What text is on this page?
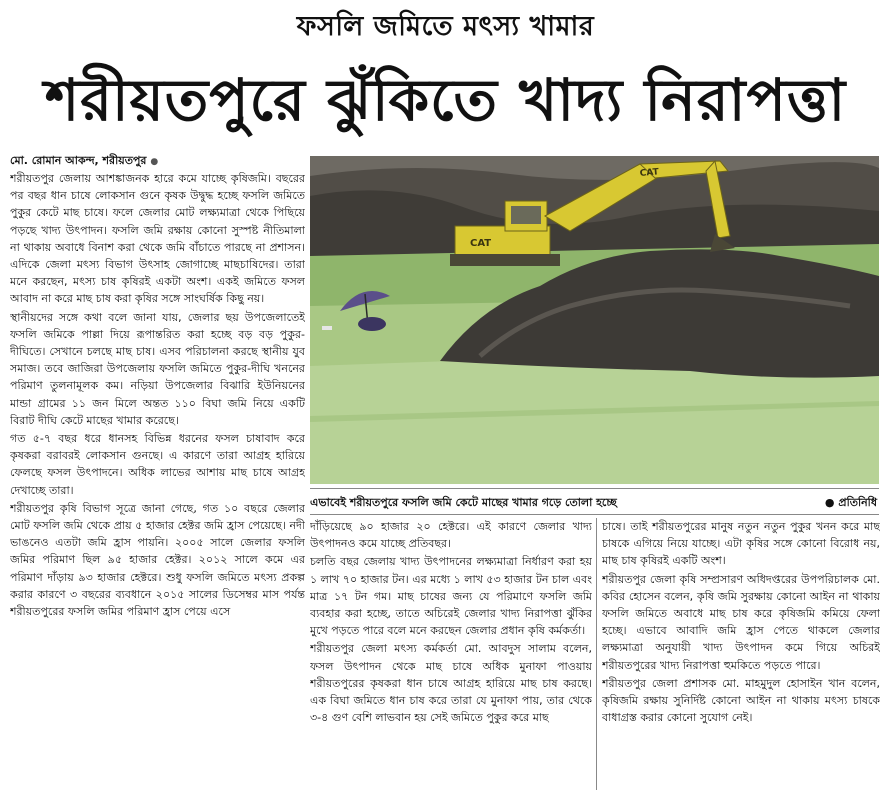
ফসলি জমিতে মৎস্য খামার
শরীয়তপুরে ঝুঁকিতে খাদ্য নিরাপত্তা
মো. রোমান আকন্দ, শরীয়তপুর ●

শরীয়তপুর জেলায় আশঙ্কাজনক হারে কমে যাচ্ছে কৃষিজমি। বছরের পর বছর ধান চাষে লোকসান গুনে কৃষক উদ্বুদ্ধ হচ্ছে ফসলি জমিতে পুকুর কেটে মাছ চাষে। ফলে জেলার মোট লক্ষ্যমাত্রা থেকে পিছিয়ে পড়ছে খাদ্য উৎপাদন। ফসলি জমি রক্ষায় কোনো সুস্পষ্ট নীতিমালা না থাকায় অবাধে বিনাশ করা থেকে জমি বাঁচাতে পারছে না প্রশাসন। এদিকে জেলা মৎস্য বিভাগ উৎসাহ জোগাচ্ছে মাছচাষিদের। তারা মনে করছেন, মৎস্য চাষ কৃষিরই একটা অংশ। একই জমিতে ফসল আবাদ না করে মাছ চাষ করা কৃষির সঙ্গে সাংঘর্ষিক কিছু নয়।

স্থানীয়দের সঙ্গে কথা বলে জানা যায়, জেলার ছয় উপজেলাতেই ফসলি জমিকে পাল্লা দিয়ে রূপান্তরিত করা হচ্ছে বড় বড় পুকুর-দীঘিতে। সেখানে চলছে মাছ চাষ। এসব পরিচালনা করছে স্থানীয় যুব সমাজ। তবে জাজিরা উপজেলায় ফসলি জমিতে পুকুর-দীঘি খননের পরিমাণ তুলনামূলক কম। নড়িয়া উপজেলার বিঝারি ইউনিয়নের মান্ডা গ্রামের ১১ জন মিলে অন্তত ১১০ বিঘা জমি নিয়ে একটি বিরাট দীঘি কেটে মাছের খামার করেছে।

গত ৫-৭ বছর ধরে ধানসহ বিভিন্ন ধরনের ফসল চাষাবাদ করে কৃষকরা বরাবরই লোকসান গুনছে। এ কারণে তারা আগ্রহ হারিয়ে ফেলছে ফসল উৎপাদনে। অধিক লাভের আশায় মাছ চাষে আগ্রহ দেখাচ্ছে তারা।

শরীয়তপুর কৃষি বিভাগ সূত্রে জানা গেছে, গত ১০ বছরে জেলার মোট ফসলি জমি থেকে প্রায় ৫ হাজার হেক্টর জমি হ্রাস পেয়েছে। নদী ভাঙনেও এতটা জমি হ্রাস পায়নি। ২০০৫ সালে জেলার ফসলি জমির পরিমাণ ছিল ৯৫ হাজার হেক্টর। ২০১২ সালে কমে এর পরিমাণ দাঁড়ায় ৯৩ হাজার হেক্টরে। শুধু ফসলি জমিতে মৎস্য প্রকল্প করার কারণে ৩ বছরের ব্যবধানে ২০১৫ সালের ডিসেম্বর মাস পর্যন্ত শরীয়তপুরের ফসলি জমির পরিমাণ হ্রাস পেয়ে এসে

CAT
CAT
এভাবেই শরীয়তপুরে ফসলি জমি কেটে মাছের খামার গড়ে তোলা হচ্ছে	● প্রতিনিধি

দাঁড়িয়েছে ৯০ হাজার ২০ হেক্টরে। এই কারণে জেলার খাদ্য উৎপাদনও কমে যাচ্ছে প্রতিবছর।

চলতি বছর জেলায় খাদ্য উৎপাদনের লক্ষ্যমাত্রা নির্ধারণ করা হয় ১ লাখ ৭০ হাজার টন। এর মধ্যে ১ লাখ ৫৩ হাজার টন চাল এবং মাত্র ১৭ টন গম। মাছ চাষের জন্য যে পরিমাণে ফসলি জমি ব্যবহার করা হচ্ছে, তাতে অচিরেই জেলার খাদ্য নিরাপত্তা ঝুঁকির মুখে পড়তে পারে বলে মনে করছেন জেলার প্রধান কৃষি কর্মকর্তা।

শরীয়তপুর জেলা মৎস্য কর্মকর্তা মো. আবদুস সালাম বলেন, ফসল উৎপাদন থেকে মাছ চাষে অধিক মুনাফা পাওয়ায় শরীয়তপুরের কৃষকরা ধান চাষে আগ্রহ হারিয়ে মাছ চাষ করছে। এক বিঘা জমিতে ধান চাষ করে তারা যে মুনাফা পায়, তার থেকে ৩-৪ গুণ বেশি লাভবান হয় সেই জমিতে পুকুর করে মাছ

চাষে। তাই শরীয়তপুরের মানুষ নতুন নতুন পুকুর খনন করে মাছ চাষকে এগিয়ে নিয়ে যাচ্ছে। এটা কৃষির সঙ্গে কোনো বিরোধ নয়, মাছ চাষ কৃষিরই একটি অংশ।

শরীয়তপুর জেলা কৃষি সম্প্রসারণ অধিদপ্তরের উপপরিচালক মো. কবির হোসেন বলেন, কৃষি জমি সুরক্ষায় কোনো আইন না থাকায় ফসলি জমিতে অবাধে মাছ চাষ করে কৃষিজমি কমিয়ে ফেলা হচ্ছে। এভাবে আবাদি জমি হ্রাস পেতে থাকলে জেলার লক্ষ্যমাত্রা অনুযায়ী খাদ্য উৎপাদন কমে গিয়ে অচিরই শরীয়তপুরের খাদ্য নিরাপত্তা হুমকিতে পড়তে পারে।

শরীয়তপুর জেলা প্রশাসক মো. মাহমুদুল হোসাইন খান বলেন, কৃষিজমি রক্ষায় সুনির্দিষ্ট কোনো আইন না থাকায় মৎস্য চাষকে বাধাগ্রস্ত করার কোনো সুযোগ নেই।
